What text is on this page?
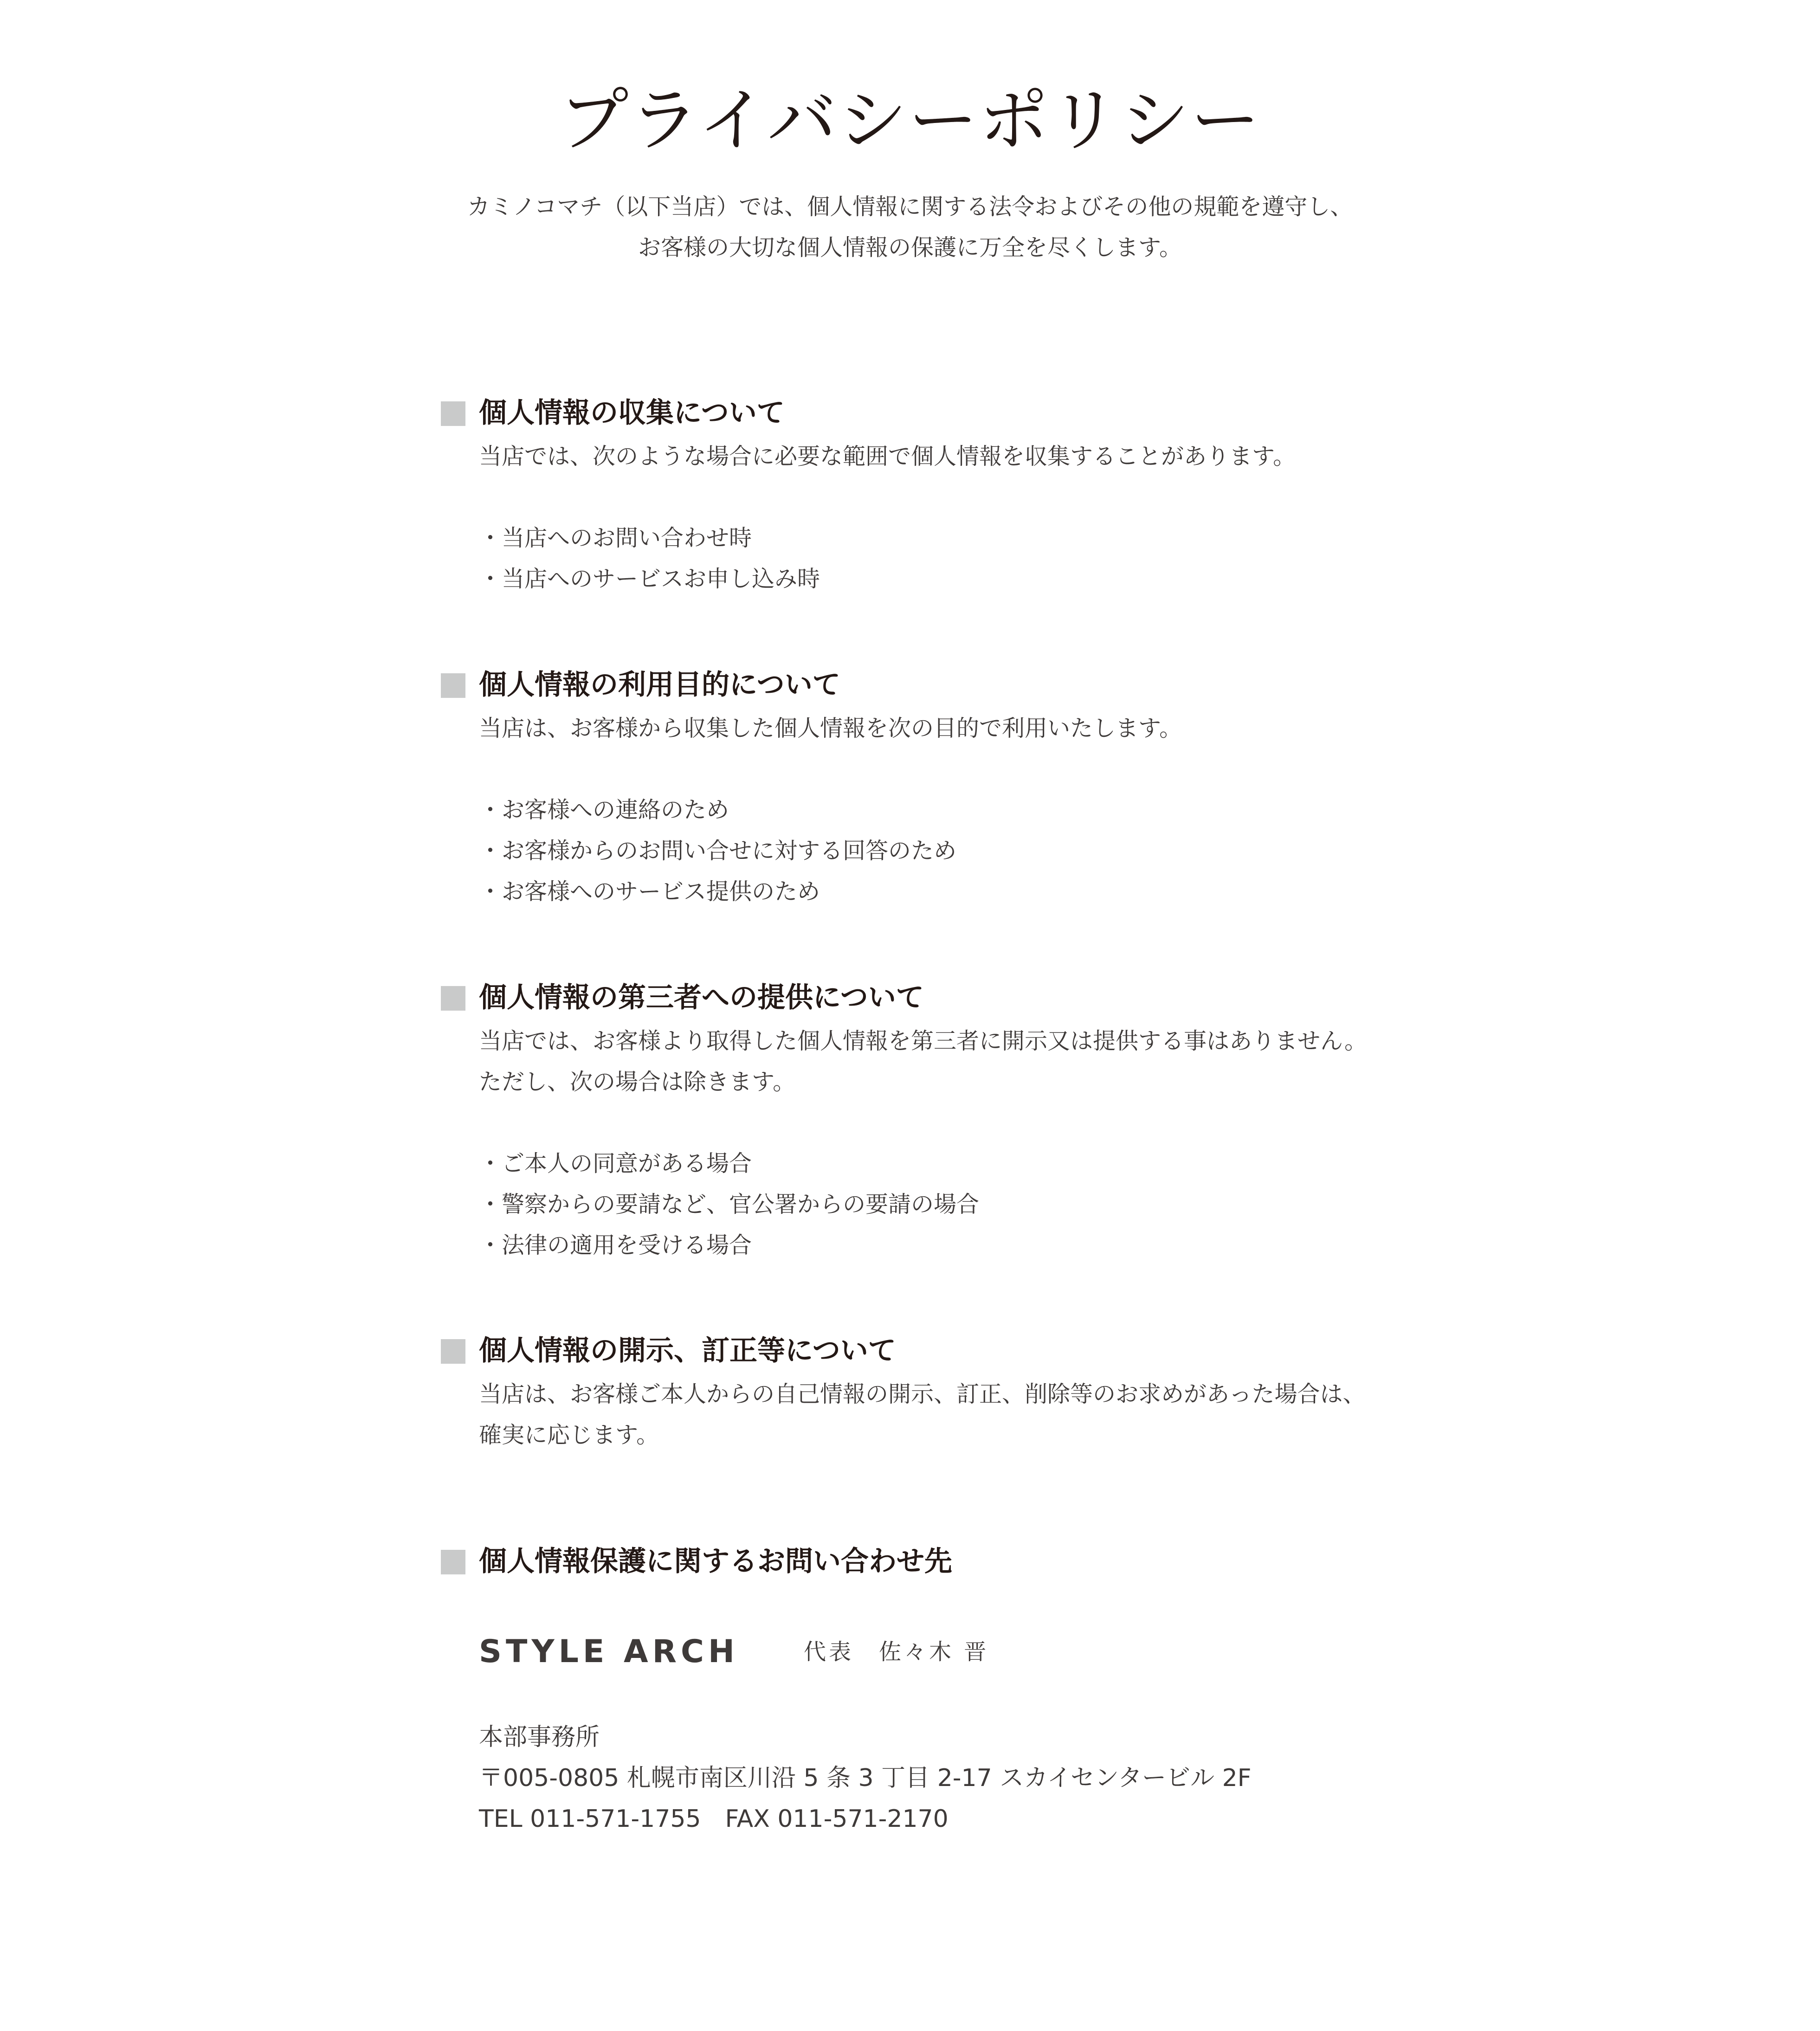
プライバシーポリシー

カミノコマチ（以下当店）では、個人情報に関する法令およびその他の規範を遵守し、

お客様の大切な個人情報の保護に万全を尽くします。

個人情報の収集について

当店では、次のような場合に必要な範囲で個人情報を収集することがあります。

・当店へのお問い合わせ時

・当店へのサービスお申し込み時

個人情報の利用目的について

当店は、お客様から収集した個人情報を次の目的で利用いたします。

・お客様への連絡のため

・お客様からのお問い合せに対する回答のため

・お客様へのサービス提供のため

個人情報の第三者への提供について

当店では、お客様より取得した個人情報を第三者に開示又は提供する事はありません。

ただし、次の場合は除きます。

・ご本人の同意がある場合

・警察からの要請など、官公署からの要請の場合

・法律の適用を受ける場合

個人情報の開示、訂正等について

当店は、お客様ご本人からの自己情報の開示、訂正、削除等のお求めがあった場合は、

確実に応じます。

個人情報保護に関するお問い合わせ先
STYLE ARCH	代表　佐々木 晋

本部事務所

〒005-0805 札幌市南区川沿 5 条 3 丁目 2-17 スカイセンタービル 2F

TEL 011-571-1755　FAX 011-571-2170
